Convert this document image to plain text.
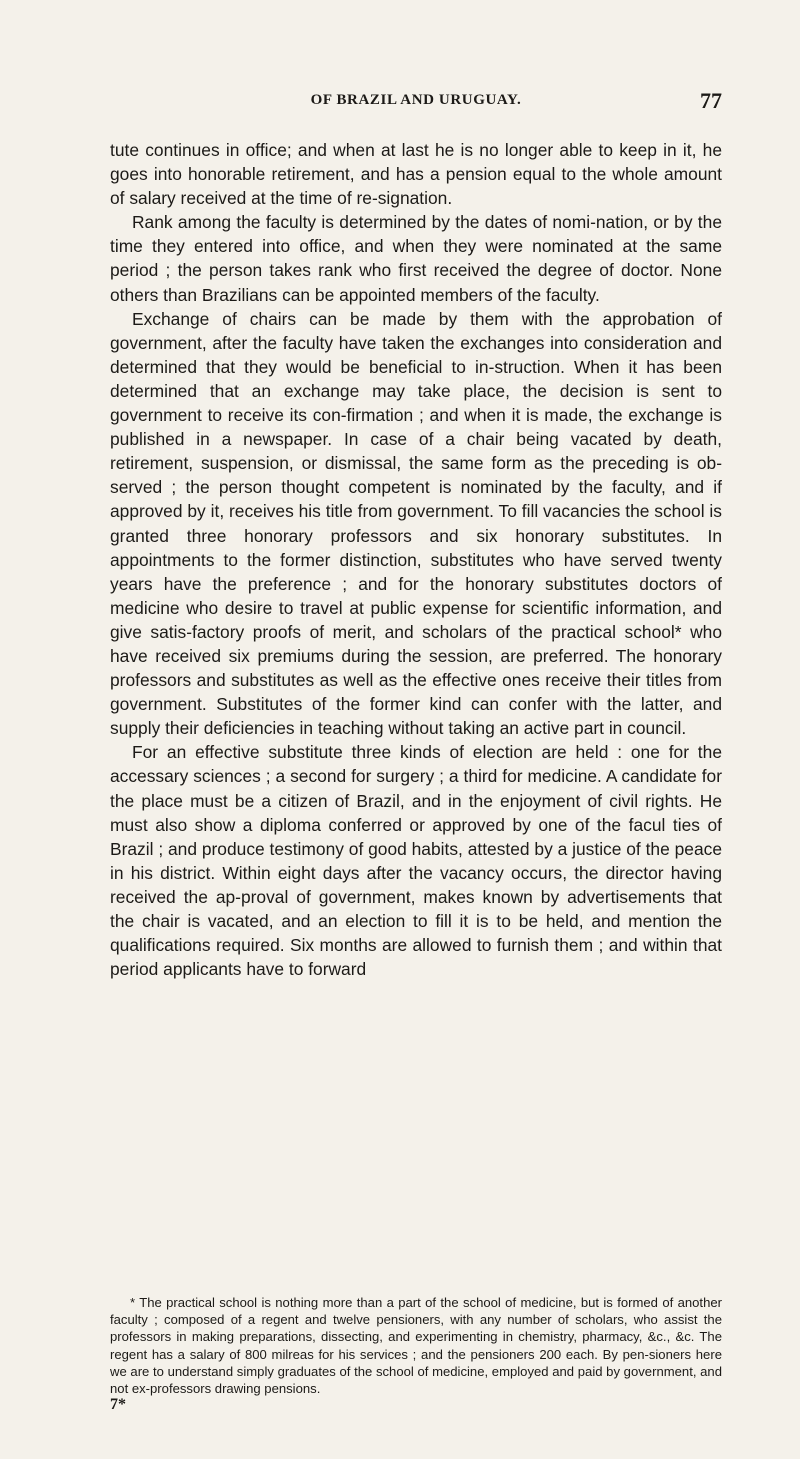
OF BRAZIL AND URUGUAY.	77

tute continues in office; and when at last he is no longer able to keep in it, he goes into honorable retirement, and has a pension equal to the whole amount of salary received at the time of re-signation.

Rank among the faculty is determined by the dates of nomi-nation, or by the time they entered into office, and when they were nominated at the same period ; the person takes rank who first received the degree of doctor. None others than Brazilians can be appointed members of the faculty.

Exchange of chairs can be made by them with the approbation of government, after the faculty have taken the exchanges into consideration and determined that they would be beneficial to in-struction. When it has been determined that an exchange may take place, the decision is sent to government to receive its con-firmation ; and when it is made, the exchange is published in a newspaper. In case of a chair being vacated by death, retirement, suspension, or dismissal, the same form as the preceding is ob-served ; the person thought competent is nominated by the faculty, and if approved by it, receives his title from government. To fill vacancies the school is granted three honorary professors and six honorary substitutes. In appointments to the former distinction, substitutes who have served twenty years have the preference ; and for the honorary substitutes doctors of medicine who desire to travel at public expense for scientific information, and give satis-factory proofs of merit, and scholars of the practical school* who have received six premiums during the session, are preferred. The honorary professors and substitutes as well as the effective ones receive their titles from government. Substitutes of the former kind can confer with the latter, and supply their deficiencies in teaching without taking an active part in council.

For an effective substitute three kinds of election are held : one for the accessary sciences ; a second for surgery ; a third for medicine. A candidate for the place must be a citizen of Brazil, and in the enjoyment of civil rights. He must also show a diploma conferred or approved by one of the facul ties of Brazil ; and produce testimony of good habits, attested by a justice of the peace in his district. Within eight days after the vacancy occurs, the director having received the ap-proval of government, makes known by advertisements that the chair is vacated, and an election to fill it is to be held, and mention the qualifications required. Six months are allowed to furnish them ; and within that period applicants have to forward

* The practical school is nothing more than a part of the school of medicine, but is formed of another faculty ; composed of a regent and twelve pensioners, with any number of scholars, who assist the professors in making preparations, dissecting, and experimenting in chemistry, pharmacy, &c., &c. The regent has a salary of 800 milreas for his services ; and the pensioners 200 each. By pen-sioners here we are to understand simply graduates of the school of medicine, employed and paid by government, and not ex-professors drawing pensions.

7*
